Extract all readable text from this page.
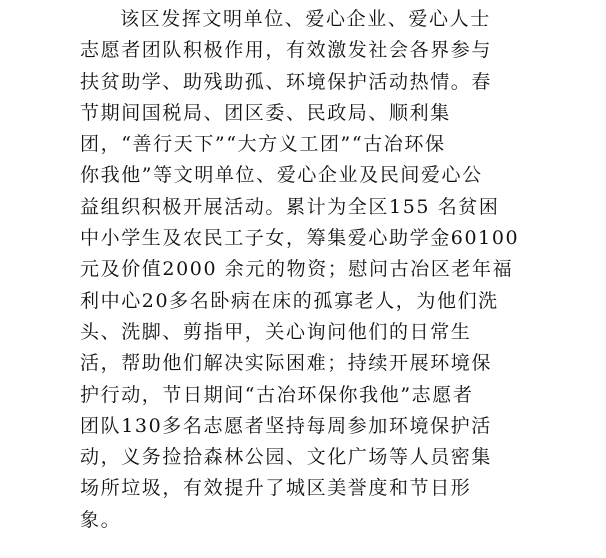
该区发挥文明单位、爱心企业、爱心人士
志愿者团队积极作用，有效激发社会各界参与
扶贫助学、助残助孤、环境保护活动热情。春
节期间国税局、团区委、民政局、顺利集
团，“善行天下”“大方义工团”“古冶环保
你我他”等文明单位、爱心企业及民间爱心公
益组织积极开展活动。累计为全区155 名贫困
中小学生及农民工子女，筹集爱心助学金60100
元及价值2000 余元的物资；慰问古冶区老年福
利中心20多名卧病在床的孤寡老人，为他们洗
头、洗脚、剪指甲，关心询问他们的日常生
活，帮助他们解决实际困难；持续开展环境保
护行动，节日期间“古冶环保你我他”志愿者
团队130多名志愿者坚持每周参加环境保护活
动，义务捡拾森林公园、文化广场等人员密集
场所垃圾，有效提升了城区美誉度和节日形
象。
